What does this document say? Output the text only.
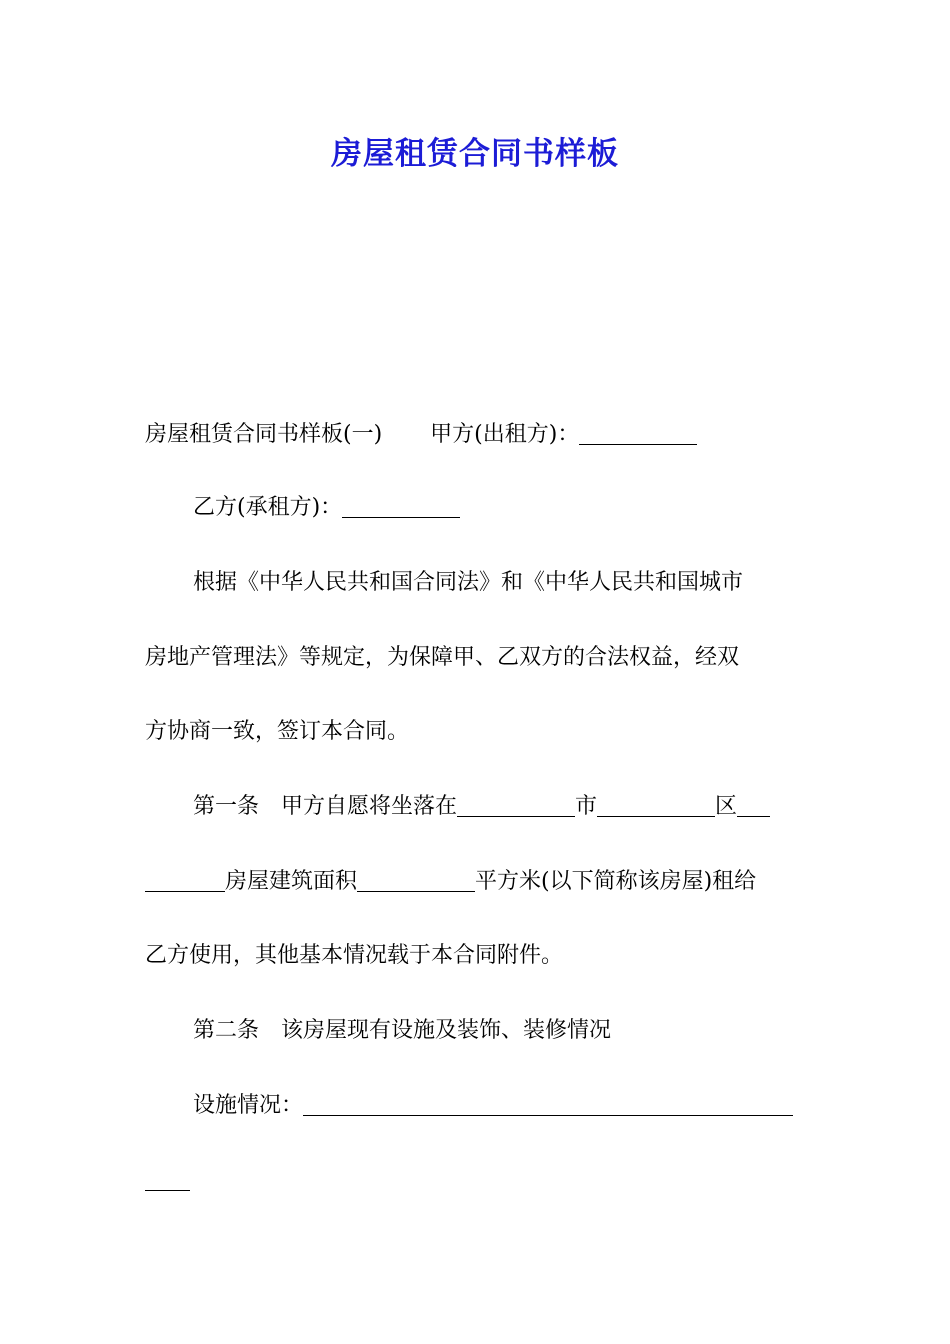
房屋租赁合同书样板
房屋租赁合同书样板(一) 甲方(出租方)：
乙方(承租方)：
根据《中华人民共和国合同法》和《中华人民共和国城市
房地产管理法》等规定，为保障甲、乙双方的合法权益，经双
方协商一致，签订本合同。
第一条 甲方自愿将坐落在	市	区
房屋建筑面积	平方米(以下简称该房屋)租给
乙方使用，其他基本情况载于本合同附件。
第二条 该房屋现有设施及装饰、装修情况
设施情况：
